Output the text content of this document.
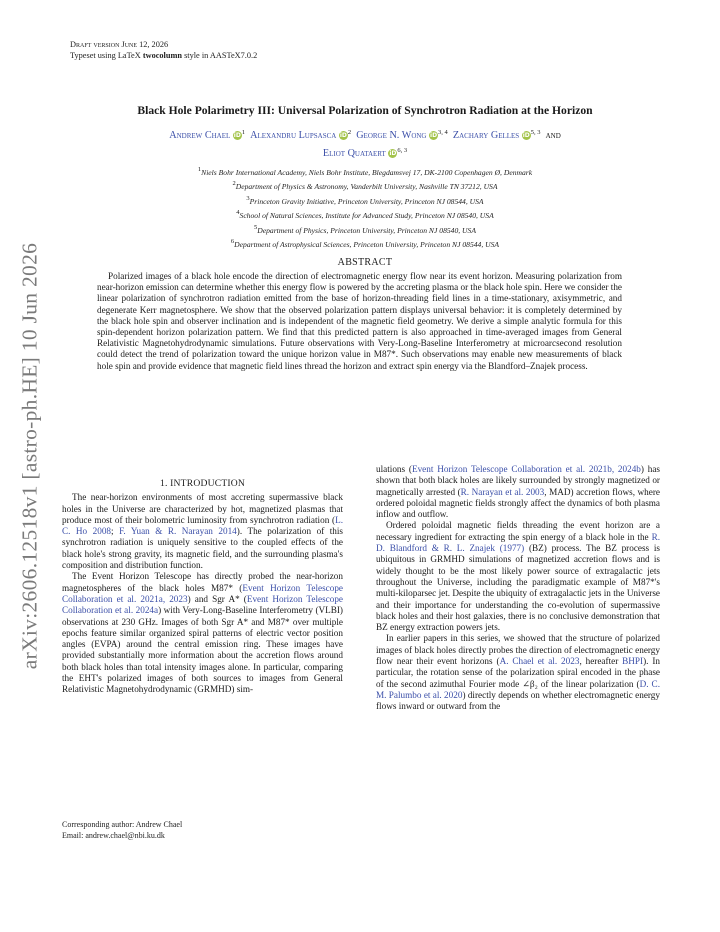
arXiv:2606.12518v1 [astro-ph.HE] 10 Jun 2026
Draft version June 12, 2026
Typeset using LaTeX twocolumn style in AASTeX7.0.2
Black Hole Polarimetry III: Universal Polarization of Synchrotron Radiation at the Horizon
Andrew Chael $iD^1$ Alexandru Lupsasca $iD^2$ George N. Wong iD$^{3, 4}$ Zachary Gelles iD$^{5, 3}$ and
Eliot Quataert iD$^{6, 3}$
1Niels Bohr International Academy, Niels Bohr Institute, Blegdamsvej 17, DK-2100 Copenhagen Ø, Denmark
2Department of Physics & Astronomy, Vanderbilt University, Nashville TN 37212, USA
3Princeton Gravity Initiative, Princeton University, Princeton NJ 08544, USA
4School of Natural Sciences, Institute for Advanced Study, Princeton NJ 08540, USA
5Department of Physics, Princeton University, Princeton NJ 08540, USA
6Department of Astrophysical Sciences, Princeton University, Princeton NJ 08544, USA
ABSTRACT
Polarized images of a black hole encode the direction of electromagnetic energy flow near its event horizon. Measuring polarization from near-horizon emission can determine whether this energy flow is powered by the accreting plasma or the black hole spin. Here we consider the linear polarization of synchrotron radiation emitted from the base of horizon-threading field lines in a time-stationary, axisymmetric, and degenerate Kerr magnetosphere. We show that the observed polarization pattern displays universal behavior: it is completely determined by the black hole spin and observer inclination and is independent of the magnetic field geometry. We derive a simple analytic formula for this spin-dependent horizon polarization pattern. We find that this predicted pattern is also approached in time-averaged images from General Relativistic Magnetohydrodynamic simulations. Future observations with Very-Long-Baseline Interferometry at microarcsecond resolution could detect the trend of polarization toward the unique horizon value in M87*. Such observations may enable new measurements of black hole spin and provide evidence that magnetic field lines thread the horizon and extract spin energy via the Blandford–Znajek process.
1. INTRODUCTION

The near-horizon environments of most accreting supermassive black holes in the Universe are characterized by hot, magnetized plasmas that produce most of their bolometric luminosity from synchrotron radiation (L. C. Ho 2008; F. Yuan & R. Narayan 2014). The polarization of this synchrotron radiation is uniquely sensitive to the coupled effects of the black hole's strong gravity, its magnetic field, and the surrounding plasma's composition and distribution function.

The Event Horizon Telescope has directly probed the near-horizon magnetospheres of the black holes M87* (Event Horizon Telescope Collaboration et al. 2021a, 2023) and Sgr A* (Event Horizon Telescope Collaboration et al. 2024a) with Very-Long-Baseline Interferometry (VLBI) observations at 230 GHz. Images of both Sgr A* and M87* over multiple epochs feature similar organized spiral patterns of electric vector position angles (EVPA) around the central emission ring. These images have provided substantially more information about the accretion flows around both black holes than total intensity images alone. In particular, comparing the EHT's polarized images of both sources to images from General Relativistic Magnetohydrodynamic (GRMHD) sim-

ulations (Event Horizon Telescope Collaboration et al. 2021b, 2024b) has shown that both black holes are likely surrounded by strongly magnetized or magnetically arrested (R. Narayan et al. 2003, MAD) accretion flows, where ordered poloidal magnetic fields strongly affect the dynamics of both plasma inflow and outflow.

Ordered poloidal magnetic fields threading the event horizon are a necessary ingredient for extracting the spin energy of a black hole in the R. D. Blandford & R. L. Znajek (1977) (BZ) process. The BZ process is ubiquitous in GRMHD simulations of magnetized accretion flows and is widely thought to be the most likely power source of extragalactic jets throughout the Universe, including the paradigmatic example of M87*'s multi-kiloparsec jet. Despite the ubiquity of extragalactic jets in the Universe and their importance for understanding the co-evolution of supermassive black holes and their host galaxies, there is no conclusive demonstration that BZ energy extraction powers jets.

In earlier papers in this series, we showed that the structure of polarized images of black holes directly probes the direction of electromagnetic energy flow near their event horizons (A. Chael et al. 2023, hereafter BHPI). In particular, the rotation sense of the polarization spiral encoded in the phase of the second azimuthal Fourier mode ∠β₂ of the linear polarization (D. C. M. Palumbo et al. 2020) directly depends on whether electromagnetic energy flows inward or outward from the

Corresponding author: Andrew Chael
Email: andrew.chael@nbi.ku.dk
